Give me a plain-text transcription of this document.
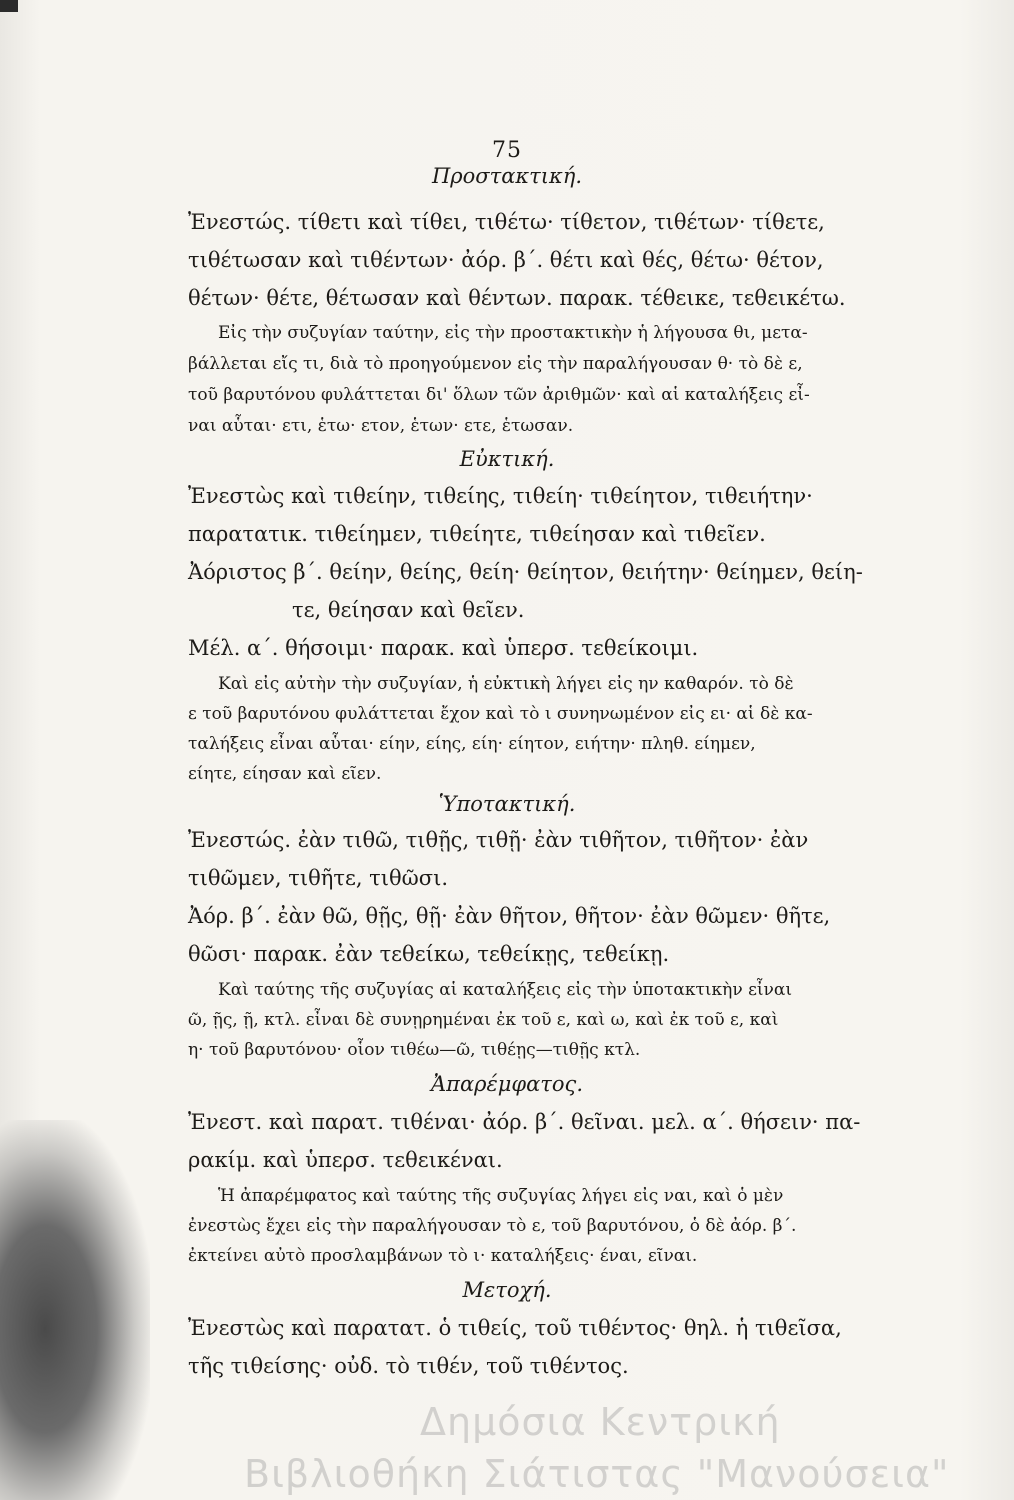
75
Προστακτική.
Ἐνεστώς. τίθετι καὶ τίθει, τιθέτω· τίθετον, τιθέτων· τίθετε,
τιθέτωσαν καὶ τιθέντων· ἀόρ. β΄. θέτι καὶ θές, θέτω· θέτον,
θέτων· θέτε, θέτωσαν καὶ θέντων. παρακ. τέθεικε, τεθεικέτω.
Εἰς τὴν συζυγίαν ταύτην, εἰς τὴν προστακτικὴν ἡ λήγουσα θι, μετα-
βάλλεται εἴς τι, διὰ τὸ προηγούμενον εἰς τὴν παραλήγουσαν θ· τὸ δὲ ε,
τοῦ βαρυτόνου φυλάττεται δι' ὅλων τῶν ἀριθμῶν· καὶ αἱ καταλήξεις εἶ-
ναι αὗται· ετι, ἑτω· ετον, ἑτων· ετε, ἑτωσαν.
Εὐκτική.
Ἐνεστὼς καὶ τιθείην, τιθείης, τιθείη· τιθείητον, τιθειήτην·
παρατατικ. τιθείημεν, τιθείητε, τιθείησαν καὶ τιθεῖεν.
Ἀόριστος β΄. θείην, θείης, θείη· θείητον, θειήτην· θείημεν, θείη-
τε, θείησαν καὶ θεῖεν.
Μέλ. α΄. θήσοιμι· παρακ. καὶ ὑπερσ. τεθείκοιμι.
Καὶ εἰς αὐτὴν τὴν συζυγίαν, ἡ εὐκτικὴ λήγει εἰς ην καθαρόν. τὸ δὲ
ε τοῦ βαρυτόνου φυλάττεται ἔχον καὶ τὸ ι συνηνωμένον εἰς ει· αἱ δὲ κα-
ταλήξεις εἶναι αὗται· είην, είης, είη· είητον, ειήτην· πληθ. είημεν,
είητε, είησαν καὶ εῖεν.
Ὑποτακτική.
Ἐνεστώς. ἐὰν τιθῶ, τιθῇς, τιθῇ· ἐὰν τιθῆτον, τιθῆτον· ἐὰν
τιθῶμεν, τιθῆτε, τιθῶσι.
Ἀόρ. β΄. ἐὰν θῶ, θῇς, θῇ· ἐὰν θῆτον, θῆτον· ἐὰν θῶμεν· θῆτε,
θῶσι· παρακ. ἐὰν τεθείκω, τεθείκῃς, τεθείκῃ.
Καὶ ταύτης τῆς συζυγίας αἱ καταλήξεις εἰς τὴν ὑποτακτικὴν εἶναι
ῶ, ῇς, ῇ, κτλ. εἶναι δὲ συνῃρημέναι ἐκ τοῦ ε, καὶ ω, καὶ ἐκ τοῦ ε, καὶ
η· τοῦ βαρυτόνου· οἷον τιθέω—ῶ, τιθέῃς—τιθῇς κτλ.
Ἀπαρέμφατος.
Ἐνεστ. καὶ παρατ. τιθέναι· ἀόρ. β΄. θεῖναι. μελ. α΄. θήσειν· πα-
ρακίμ. καὶ ὑπερσ. τεθεικέναι.
Ἡ ἀπαρέμφατος καὶ ταύτης τῆς συζυγίας λήγει εἰς ναι, καὶ ὁ μὲν
ἐνεστὼς ἔχει εἰς τὴν παραλήγουσαν τὸ ε, τοῦ βαρυτόνου, ὁ δὲ ἀόρ. β΄.
ἐκτείνει αὐτὸ προσλαμβάνων τὸ ι· καταλήξεις· έναι, εῖναι.
Μετοχή.
Ἐνεστὼς καὶ παρατατ. ὁ τιθείς, τοῦ τιθέντος· θηλ. ἡ τιθεῖσα,
τῆς τιθείσης· οὐδ. τὸ τιθέν, τοῦ τιθέντος.
Δημόσια Κεντρική
Βιβλιοθήκη Σιάτιστας "Μανούσεια"
